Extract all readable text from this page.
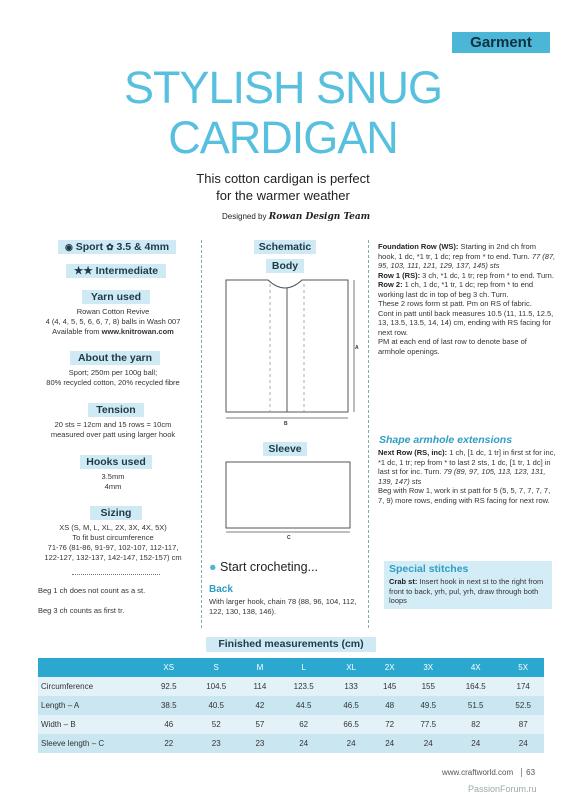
Garment
STYLISH SNUG
CARDIGAN
This cotton cardigan is perfect
for the warmer weather
Designed by Rowan Design Team
◉ Sport ✿ 3.5 & 4mm
★★ Intermediate
Yarn used
Rowan Cotton Revive
4 (4, 4, 5, 5, 6, 6, 7, 8) balls in Wash 007
Available from www.knitrowan.com
About the yarn
Sport; 250m per 100g ball;
80% recycled cotton, 20% recycled fibre
Tension
20 sts = 12cm and 15 rows = 10cm
measured over patt using larger hook
Hooks used
3.5mm
4mm
Sizing
XS (S, M, L, XL, 2X, 3X, 4X, 5X)
To fit bust circumference
71-76 (81-86, 91-97, 102-107, 112-117,
122-127, 132-137, 142-147, 152-157) cm
Beg 1 ch does not count as a st.
Beg 3 ch counts as first tr.
Schematic
Body
A
B
Sleeve
C
● Start crocheting...
Back
With larger hook, chain 78 (88, 96, 104, 112, 122, 130, 138, 146).
Foundation Row (WS): Starting in 2nd ch from hook, 1 dc, *1 tr, 1 dc; rep from * to end. Turn. 77 (87, 95, 103, 111, 121, 129, 137, 145) sts
Row 1 (RS): 3 ch, *1 dc, 1 tr; rep from * to end. Turn.
Row 2: 1 ch, 1 dc, *1 tr, 1 dc; rep from * to end working last dc in top of beg 3 ch. Turn.
These 2 rows form st patt. Pm on RS of fabric.
Cont in patt until back measures 10.5 (11, 11.5, 12.5, 13, 13.5, 13.5, 14, 14) cm, ending with RS facing for next row.
PM at each end of last row to denote base of armhole openings.
Shape armhole extensions
Next Row (RS, inc): 1 ch, [1 dc, 1 tr] in first st for inc, *1 dc, 1 tr; rep from * to last 2 sts, 1 dc, [1 tr, 1 dc] in last st for inc. Turn. 79 (89, 97, 105, 113, 123, 131, 139, 147) sts
Beg with Row 1, work in st patt for 5 (5, 5, 7, 7, 7, 7, 7, 9) more rows, ending with RS facing for next row.
Special stitches
Crab st: Insert hook in next st to the right from front to back, yrh, pul, yrh, draw through both loops
Finished measurements (cm)
	XS	S	M	L	XL	2X	3X	4X	5X
Circumference	92.5	104.5	114	123.5	133	145	155	164.5	174
Length – A	38.5	40.5	42	44.5	46.5	48	49.5	51.5	52.5
Width – B	46	52	57	62	66.5	72	77.5	82	87
Sleeve length – C	22	23	23	24	24	24	24	24	24
www.craftworld.com 63
PassionForum.ru
